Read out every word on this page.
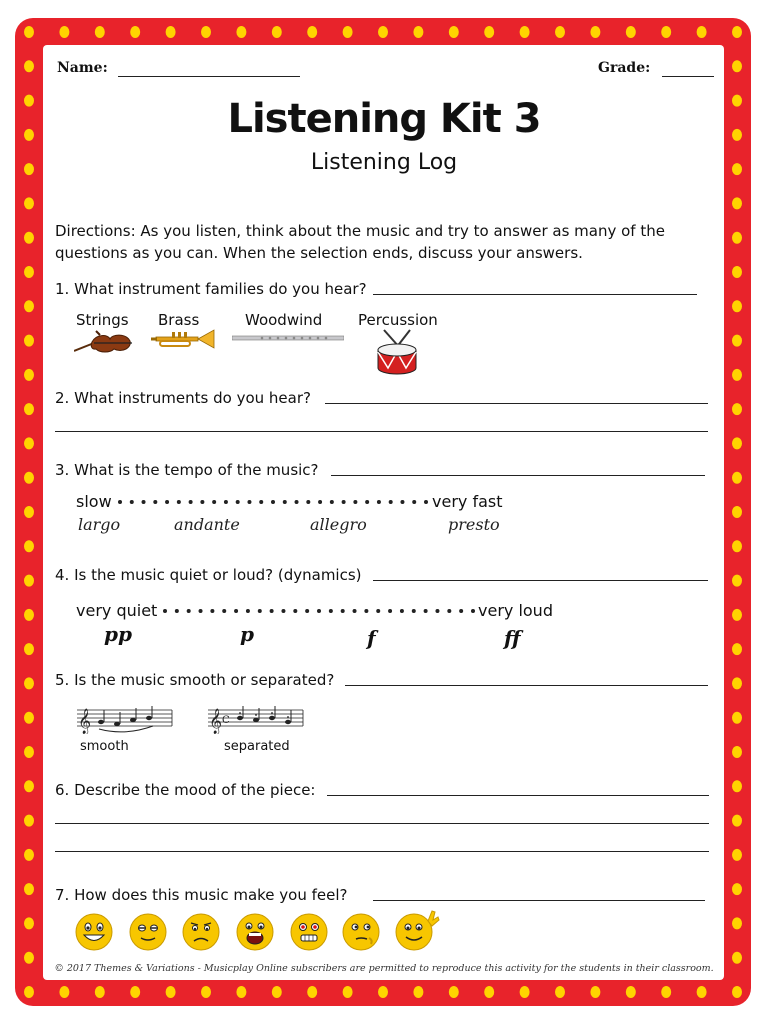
Name:	Grade:
Listening Kit 3
Listening Log
Directions: As you listen, think about the music and try to answer as many of the
questions as you can. When the selection ends, discuss your answers.
1. What instrument families do you hear?
Strings Brass	Woodwind Percussion
2. What instruments do you hear?
3. What is the tempo of the music?
slow	very fast
largo	andante	allegro	presto
4. Is the music quiet or loud? (dynamics)
very quiet	very loud
pp	p	f	ff
5. Is the music smooth or separated?
𝄞
smooth
𝄞 C
separated
6. Describe the mood of the piece:
7. How does this music make you feel?
© 2017 Themes & Variations - Musicplay Online subscribers are permitted to reproduce this activity for the students in their classroom.
